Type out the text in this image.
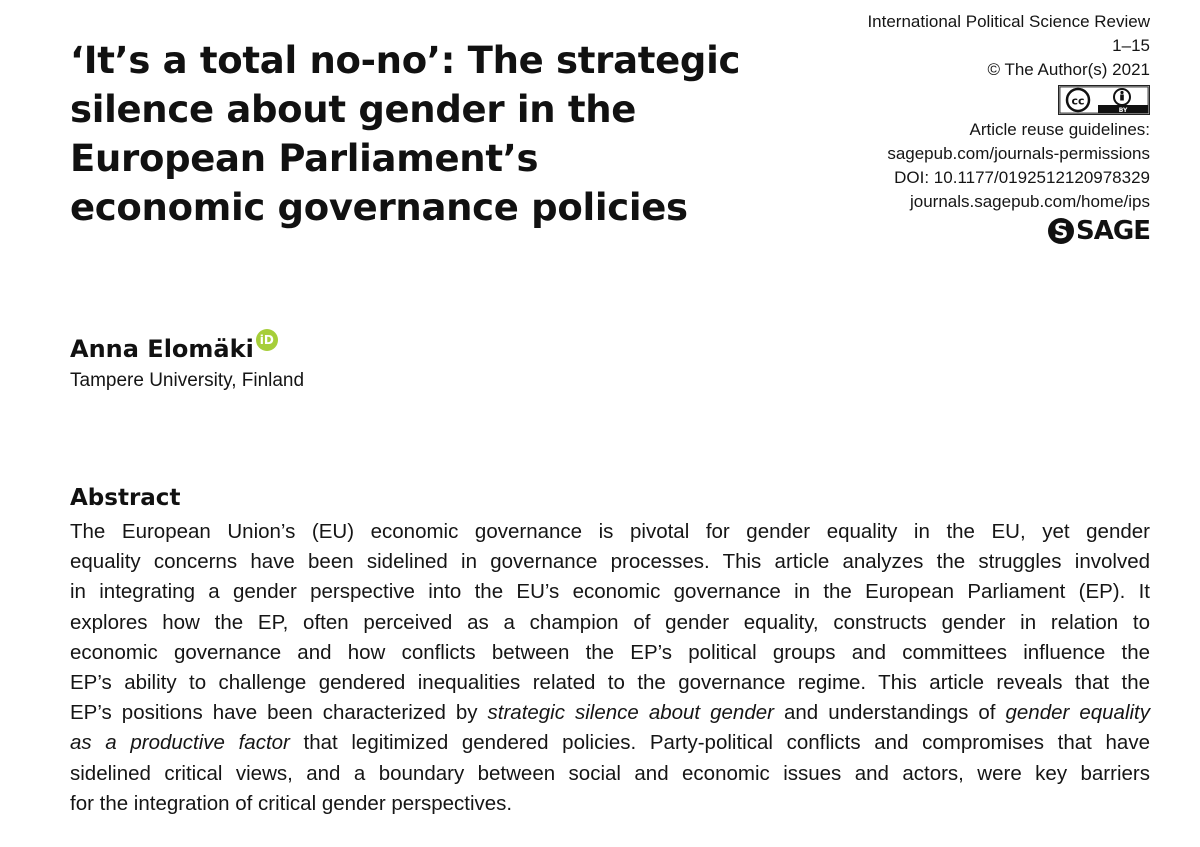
‘It’s a total no-no’: The strategic
silence about gender in the
European Parliament’s
economic governance policies
International Political Science Review
1–15
© The Author(s) 2021
cc
BY
Article reuse guidelines:
sagepub.com/journals-permissions
DOI: 10.1177/0192512120978329
journals.sagepub.com/home/ips
S SAGE
Anna Elomäki iD
Tampere University, Finland
Abstract

The European Union’s (EU) economic governance is pivotal for gender equality in the EU, yet gender
equality concerns have been sidelined in governance processes. This article analyzes the struggles involved
in integrating a gender perspective into the EU’s economic governance in the European Parliament (EP). It
explores how the EP, often perceived as a champion of gender equality, constructs gender in relation to
economic governance and how conflicts between the EP’s political groups and committees influence the
EP’s ability to challenge gendered inequalities related to the governance regime. This article reveals that the
EP’s positions have been characterized by strategic silence about gender and understandings of gender equality
as a productive factor that legitimized gendered policies. Party-political conflicts and compromises that have
sidelined critical views, and a boundary between social and economic issues and actors, were key barriers
for the integration of critical gender perspectives.
